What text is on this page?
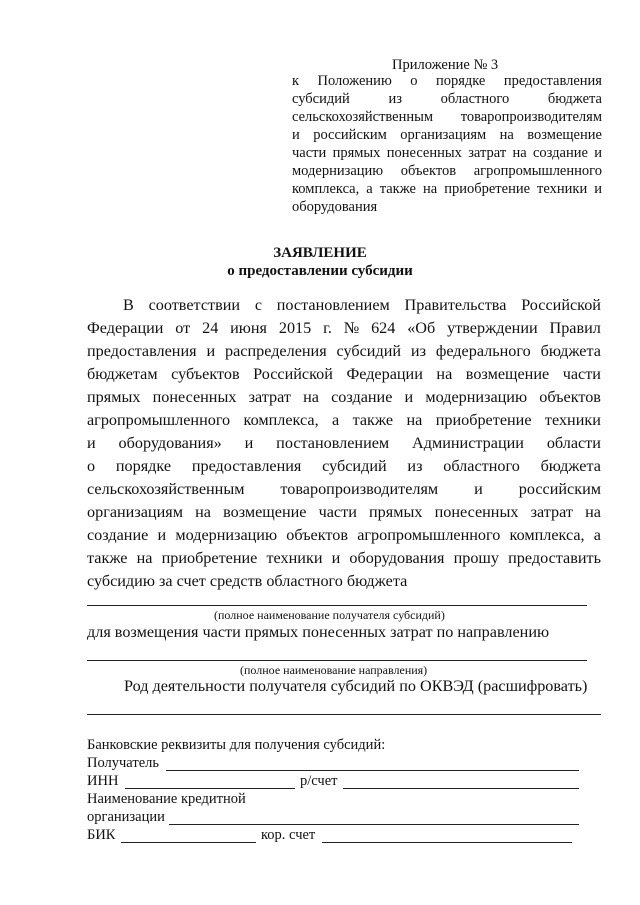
Приложение № 3
к Положению о порядке предоставления
субсидий	из	областного	бюджета
сельскохозяйственным товаропроизводителям
и российским организациям на возмещение
части прямых понесенных затрат на создание и
модернизацию объектов агропромышленного
комплекса, а также на приобретение техники и
оборудования
ЗАЯВЛЕНИЕ
о предоставлении субсидии
В соответствии с постановлением Правительства Российской
Федерации от 24 июня 2015 г. № 624 «Об утверждении Правил
предоставления и распределения субсидий из федерального бюджета
бюджетам субъектов Российской Федерации на возмещение части
прямых понесенных затрат на создание и модернизацию объектов
агропромышленного комплекса, а также на приобретение техники
и оборудования» и постановлением Администрации области
о порядке предоставления субсидий из областного бюджета
сельскохозяйственным товаропроизводителям и российским
организациям на возмещение части прямых понесенных затрат на
создание и модернизацию объектов агропромышленного комплекса, а
также на приобретение техники и оборудования прошу предоставить
субсидию за счет средств областного бюджета
(полное наименование получателя субсидий)
для возмещения части прямых понесенных затрат по направлению
(полное наименование направления)
Род деятельности получателя субсидий по ОКВЭД (расшифровать)
Банковские реквизиты для получения субсидий:
Получатель
ИНН	р/счет
Наименование кредитной
организации
БИК	кор. счет
